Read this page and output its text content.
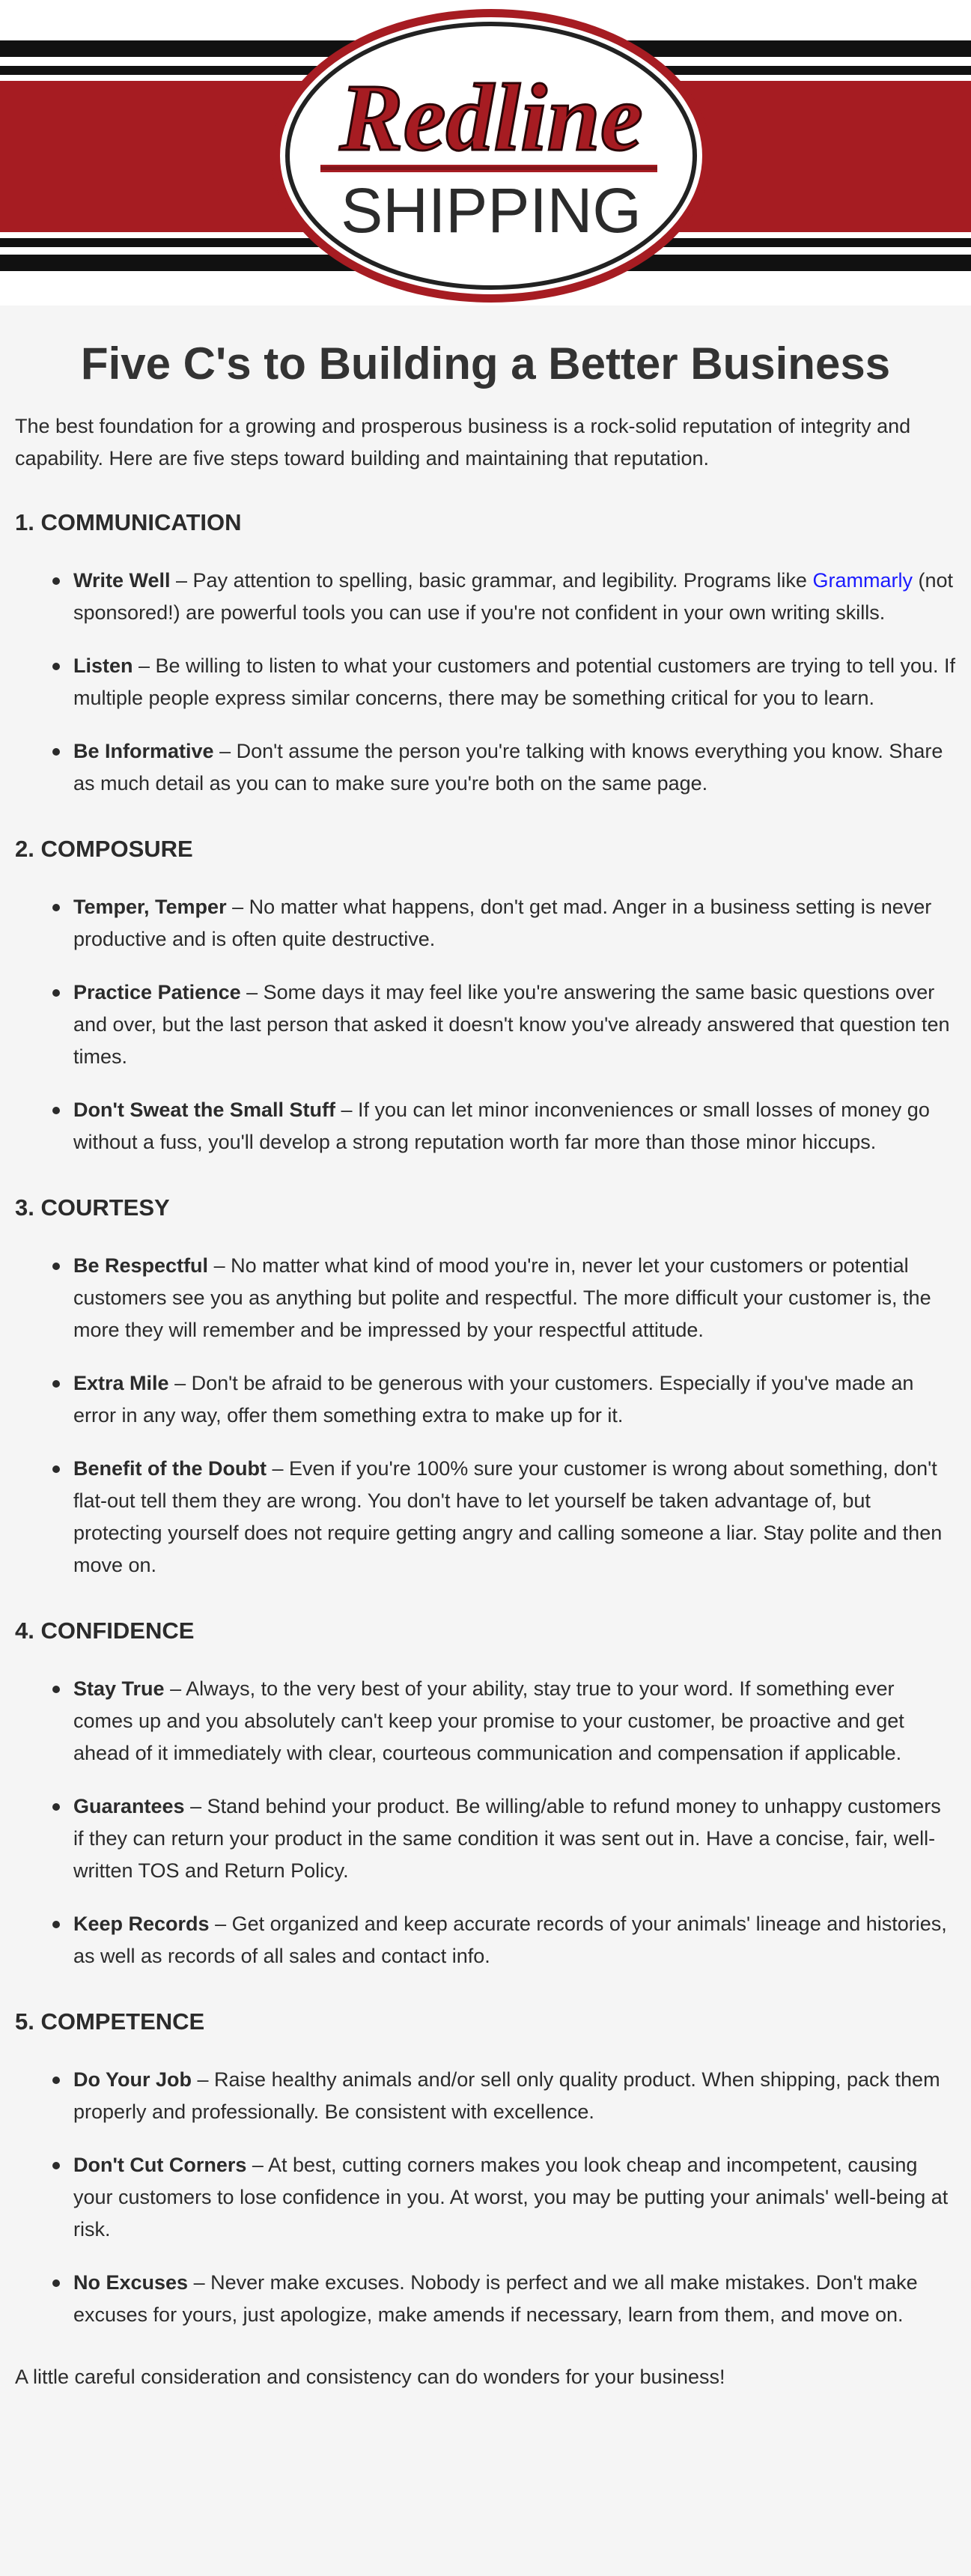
Redline
SHIPPING
Five C's to Building a Better Business

The best foundation for a growing and prosperous business is a rock-solid reputation of integrity and capability. Here are five steps toward building and maintaining that reputation.

1. COMMUNICATION
Write Well – Pay attention to spelling, basic grammar, and legibility. Programs like Grammarly (not sponsored!) are powerful tools you can use if you're not confident in your own writing skills.
Listen – Be willing to listen to what your customers and potential customers are trying to tell you. If multiple people express similar concerns, there may be something critical for you to learn.
Be Informative – Don't assume the person you're talking with knows everything you know. Share as much detail as you can to make sure you're both on the same page.
2. COMPOSURE
Temper, Temper – No matter what happens, don't get mad. Anger in a business setting is never productive and is often quite destructive.
Practice Patience – Some days it may feel like you're answering the same basic questions over and over, but the last person that asked it doesn't know you've already answered that question ten times.
Don't Sweat the Small Stuff – If you can let minor inconveniences or small losses of money go without a fuss, you'll develop a strong reputation worth far more than those minor hiccups.
3. COURTESY
Be Respectful – No matter what kind of mood you're in, never let your customers or potential customers see you as anything but polite and respectful. The more difficult your customer is, the more they will remember and be impressed by your respectful attitude.
Extra Mile – Don't be afraid to be generous with your customers. Especially if you've made an error in any way, offer them something extra to make up for it.
Benefit of the Doubt – Even if you're 100% sure your customer is wrong about something, don't flat-out tell them they are wrong. You don't have to let yourself be taken advantage of, but protecting yourself does not require getting angry and calling someone a liar. Stay polite and then move on.
4. CONFIDENCE
Stay True – Always, to the very best of your ability, stay true to your word. If something ever comes up and you absolutely can't keep your promise to your customer, be proactive and get ahead of it immediately with clear, courteous communication and compensation if applicable.
Guarantees – Stand behind your product. Be willing/able to refund money to unhappy customers if they can return your product in the same condition it was sent out in. Have a concise, fair, well-written TOS and Return Policy.
Keep Records – Get organized and keep accurate records of your animals' lineage and histories, as well as records of all sales and contact info.
5. COMPETENCE
Do Your Job – Raise healthy animals and/or sell only quality product. When shipping, pack them properly and professionally. Be consistent with excellence.
Don't Cut Corners – At best, cutting corners makes you look cheap and incompetent, causing your customers to lose confidence in you. At worst, you may be putting your animals' well-being at risk.
No Excuses – Never make excuses. Nobody is perfect and we all make mistakes. Don't make excuses for yours, just apologize, make amends if necessary, learn from them, and move on.

A little careful consideration and consistency can do wonders for your business!
